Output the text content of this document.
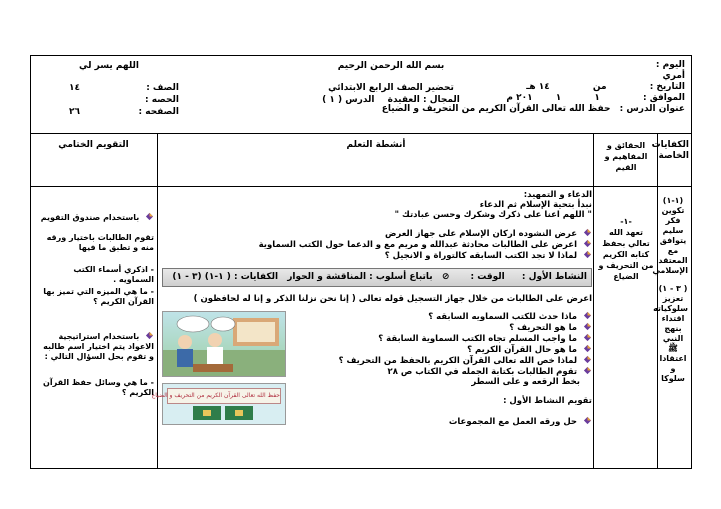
اليوم :
أمري
التاريخ : من ١٤ هـ
الموافق : ١ ١ ٢٠١ م
عنوان الدرس : حفظ الله تعالى القرآن الكريم من التحريف و الضياع
بسم الله الرحمن الرحيم
تحضير الصف الرابع الابتدائي
المجال : العقيدة الدرس ( ١ )
اللهم يسر لي
الصف :
١٤
الحصه :
الصفحه :
٢٦
الكفايات الخاصة
الحقائق و المفاهيم و القيم
أنشطة التعلم
التقويم الختامي
(١-١)
تكوين فكر سليم يتوافق مع المعتقد الإسلامي
( ٣ - ١)
تعزيز سلوكياته اقتداء بنهج النبي ﷺ اعتقادا و سلوكا
-١-
تعهد الله تعالي بحفظ كتابه الكريم من التحريف و الضياع
الدعاء و التمهيد:
نبدأ بتحية الإسلام ثم الدعاء
" اللهم اعنا على ذكرك وشكرك وحسن عبادتك "
عرض النشوده اركان الإسلام على جهاز العرض
اعرض على الطالبات محادثة عبدالله و مريم مع و الدعما حول الكتب السماوية
لماذا لا تجد الكتب السابقه كالتوراة و الانجيل ؟
النشاط الأول : الوقت : ⊘ باتباع أسلوب : المناقشة و الحوار الكفايات : ( ١-١) (٣ - ١)
اعرض على الطالبات من خلال جهاز التسجيل قوله تعالى ( إنا نحن نزلنا الذكر و إنا له لحافظون )
ماذا حدث للكتب السماويه السابقه ؟
ما هو التحريف ؟
ما واجب المسلم تجاه الكتب السماوية السابقة ؟
ما هو حال القرآن الكريم ؟
لماذا خص الله تعالى القرآن الكريم بالحفظ من التحريف ؟
تقوم الطالبات بكتابة الجمله في الكتاب ص ٢٨
بخط الرقعه و على السطر
تقويم النشاط الأول :
حل ورقه العمل مع المجموعات
حفظ الله تعالى القرآن الكريم من التحريف و الضياع
باستخدام صندوق التقويم
تقوم الطالبات باختيار ورقه منه و تطبق ما فيها
- اذكري أسماء الكتب السماويه .
- ما هي الميزه التي تميز بها القرآن الكريم ؟
باستخدام استراتيجية الاعواد يتم اختيار اسم طالبه و تقوم بحل السؤال التالي :
- ما هي وسائل حفظ القرآن الكريم ؟
